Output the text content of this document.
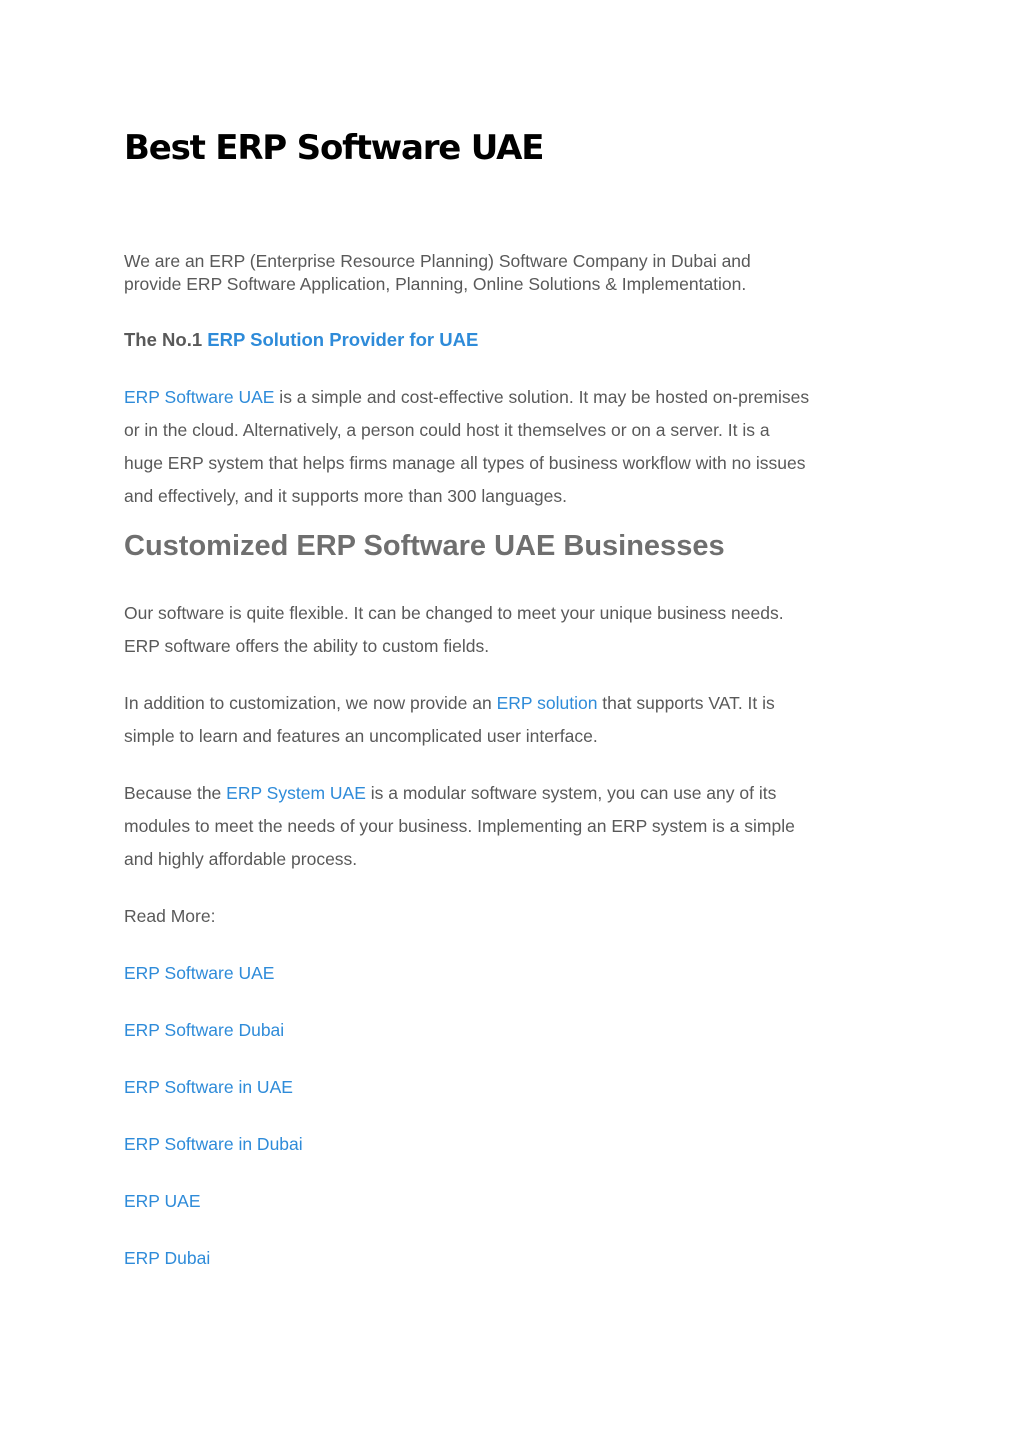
Best ERP Software UAE

We are an ERP (Enterprise Resource Planning) Software Company in Dubai and
provide ERP Software Application, Planning, Online Solutions & Implementation.

The No.1 ERP Solution Provider for UAE

ERP Software UAE is a simple and cost-effective solution. It may be hosted on-premises
or in the cloud. Alternatively, a person could host it themselves or on a server. It is a
huge ERP system that helps firms manage all types of business workflow with no issues
and effectively, and it supports more than 300 languages.

Customized ERP Software UAE Businesses

Our software is quite flexible. It can be changed to meet your unique business needs.
ERP software offers the ability to custom fields.

In addition to customization, we now provide an ERP solution that supports VAT. It is
simple to learn and features an uncomplicated user interface.

Because the ERP System UAE is a modular software system, you can use any of its
modules to meet the needs of your business. Implementing an ERP system is a simple
and highly affordable process.

Read More:

ERP Software UAE

ERP Software Dubai

ERP Software in UAE

ERP Software in Dubai

ERP UAE

ERP Dubai
